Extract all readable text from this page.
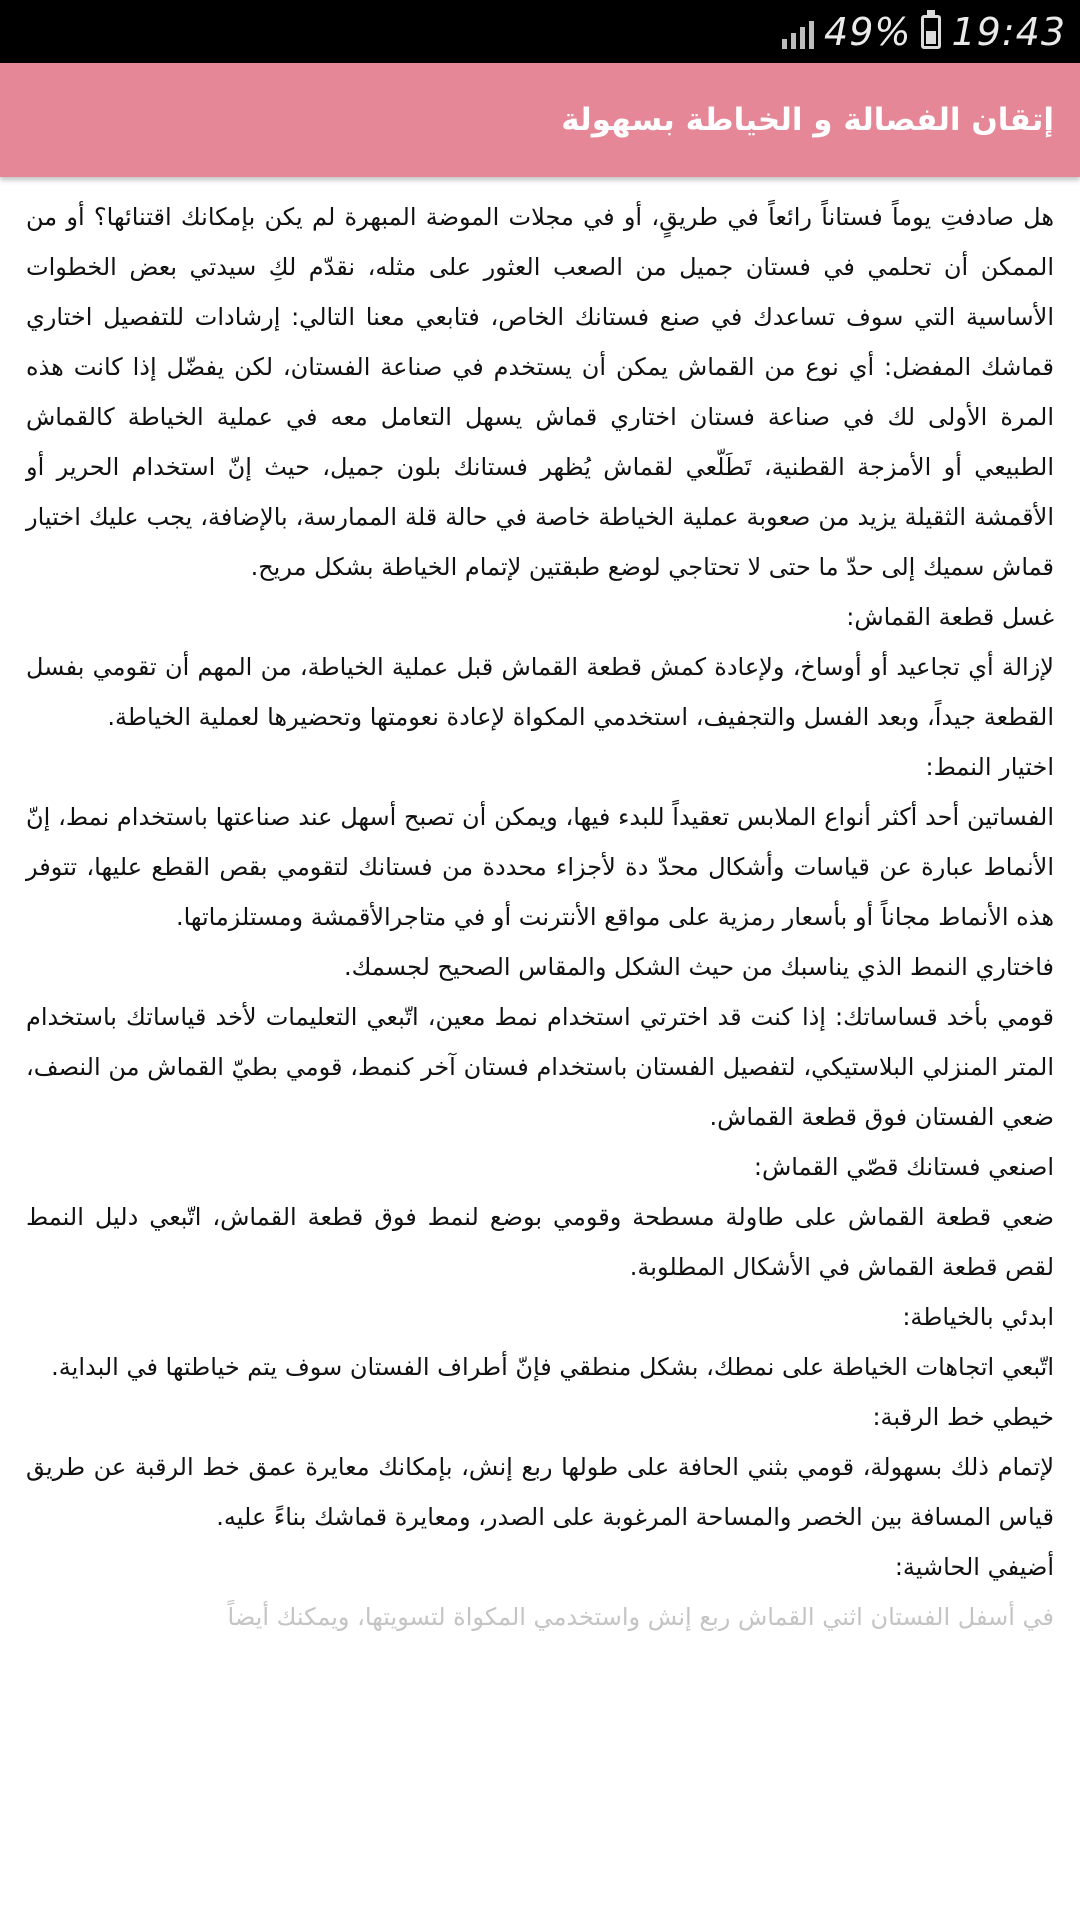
49% 19:43
إتقان الفصالة و الخياطة بسهولة

هل صادفتِ يوماً فستاناً رائعاً في طريقٍ، أو في مجلات الموضة المبهرة لم يكن بإمكانك اقتنائها؟ أو من الممكن أن تحلمي في فستان جميل من الصعب العثور على مثله، نقدّم لكِ سيدتي بعض الخطوات الأساسية التي سوف تساعدك في صنع فستانك الخاص، فتابعي معنا التالي: إرشادات للتفصيل اختاري قماشك المفضل: أي نوع من القماش يمكن أن يستخدم في صناعة الفستان، لكن يفضّل إذا كانت هذه المرة الأولى لك في صناعة فستان اختاري قماش يسهل التعامل معه في عملية الخياطة كالقماش الطبيعي أو الأمزجة القطنية، تَطَلّعي لقماش يُظهر فستانك بلون جميل، حيث إنّ استخدام الحرير أو الأقمشة الثقيلة يزيد من صعوبة عملية الخياطة خاصة في حالة قلة الممارسة، بالإضافة، يجب عليك اختيار قماش سميك إلى حدّ ما حتى لا تحتاجي لوضع طبقتين لإتمام الخياطة بشكل مريح.

غسل قطعة القماش:

لإزالة أي تجاعيد أو أوساخ، ولإعادة كمش قطعة القماش قبل عملية الخياطة، من المهم أن تقومي بفسل القطعة جيداً، وبعد الفسل والتجفيف، استخدمي المكواة لإعادة نعومتها وتحضيرها لعملية الخياطة.

اختيار النمط:

الفساتين أحد أكثر أنواع الملابس تعقيداً للبدء فيها، ويمكن أن تصبح أسهل عند صناعتها باستخدام نمط، إنّ الأنماط عبارة عن قياسات وأشكال محدّ دة لأجزاء محددة من فستانك لتقومي بقص القطع عليها، تتوفر هذه الأنماط مجاناً أو بأسعار رمزية على مواقع الأنترنت أو في متاجرالأقمشة ومستلزماتها.

فاختاري النمط الذي يناسبك من حيث الشكل والمقاس الصحيح لجسمك.

قومي بأخد قساساتك: إذا كنت قد اخترتي استخدام نمط معين، اتّبعي التعليمات لأخد قياساتك باستخدام المتر المنزلي البلاستيكي، لتفصيل الفستان باستخدام فستان آخر كنمط، قومي بطيّ القماش من النصف، ضعي الفستان فوق قطعة القماش.

اصنعي فستانك قصّي القماش:

ضعي قطعة القماش على طاولة مسطحة وقومي بوضع لنمط فوق قطعة القماش، اتّبعي دليل النمط لقص قطعة القماش في الأشكال المطلوبة.

ابدئي بالخياطة:

اتّبعي اتجاهات الخياطة على نمطك، بشكل منطقي فإنّ أطراف الفستان سوف يتم خياطتها في البداية.

خيطي خط الرقبة:

لإتمام ذلك بسهولة، قومي بثني الحافة على طولها ربع إنش، بإمكانك معايرة عمق خط الرقبة عن طريق قياس المسافة بين الخصر والمساحة المرغوبة على الصدر، ومعايرة قماشك بناءً عليه.

أضيفي الحاشية:

في أسفل الفستان اثني القماش ربع إنش واستخدمي المكواة لتسويتها، ويمكنك أيضاً
